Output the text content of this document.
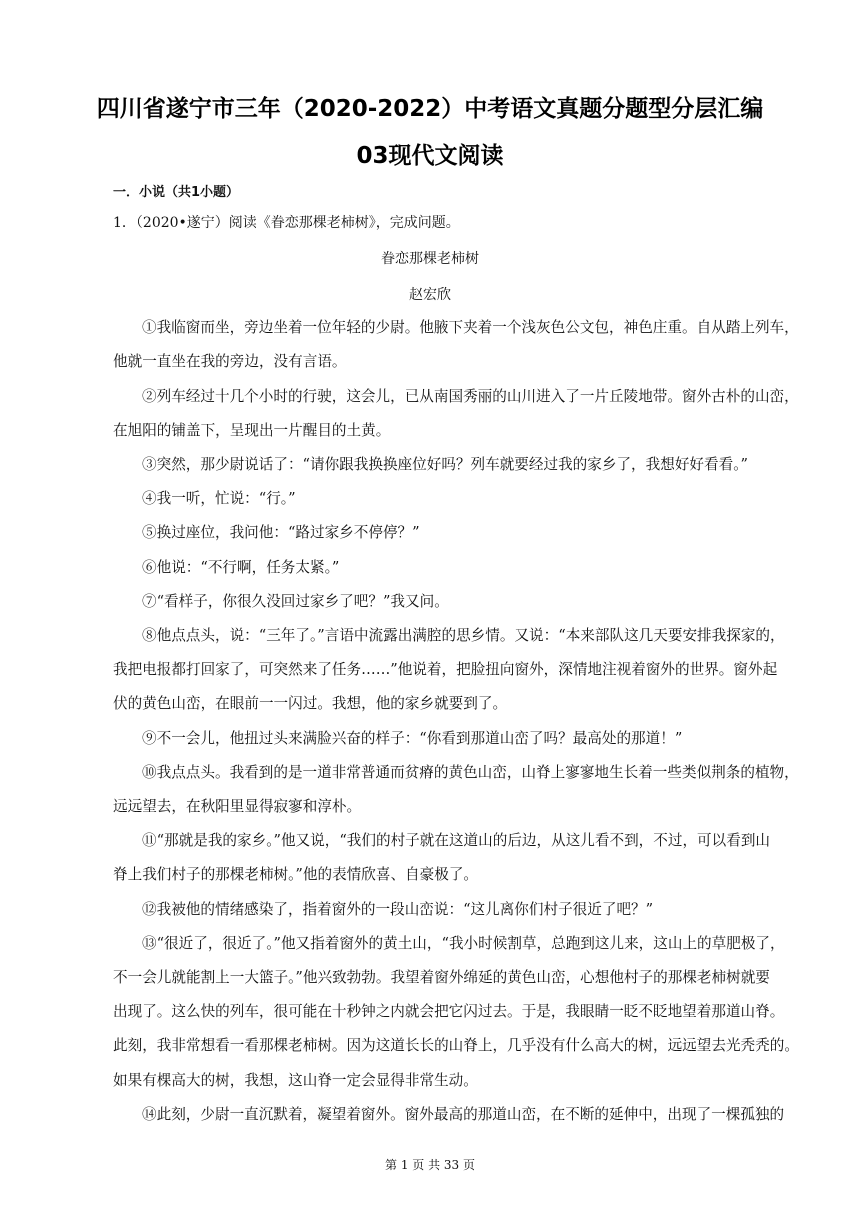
四川省遂宁市三年（2020-2022）中考语文真题分题型分层汇编
03现代文阅读
一．小说（共1小题）
1．（2020•遂宁）阅读《眷恋那棵老柿树》，完成问题。
眷恋那棵老柿树
赵宏欣
①我临窗而坐，旁边坐着一位年轻的少尉。他腋下夹着一个浅灰色公文包，神色庄重。自从踏上列车，
他就一直坐在我的旁边，没有言语。
②列车经过十几个小时的行驶，这会儿，已从南国秀丽的山川进入了一片丘陵地带。窗外古朴的山峦，
在旭阳的铺盖下，呈现出一片醒目的土黄。
③突然，那少尉说话了：“请你跟我换换座位好吗？列车就要经过我的家乡了，我想好好看看。”
④我一听，忙说：“行。”
⑤换过座位，我问他：“路过家乡不停停？”
⑥他说：“不行啊，任务太紧。”
⑦“看样子，你很久没回过家乡了吧？”我又问。
⑧他点点头，说：“三年了。”言语中流露出满腔的思乡情。又说：“本来部队这几天要安排我探家的，
我把电报都打回家了，可突然来了任务……”他说着，把脸扭向窗外，深情地注视着窗外的世界。窗外起
伏的黄色山峦，在眼前一一闪过。我想，他的家乡就要到了。
⑨不一会儿，他扭过头来满脸兴奋的样子：“你看到那道山峦了吗？最高处的那道！”
⑩我点点头。我看到的是一道非常普通而贫瘠的黄色山峦，山脊上寥寥地生长着一些类似荆条的植物，
远远望去，在秋阳里显得寂寥和淳朴。
⑪“那就是我的家乡。”他又说，“我们的村子就在这道山的后边，从这儿看不到，不过，可以看到山
脊上我们村子的那棵老柿树。”他的表情欣喜、自豪极了。
⑫我被他的情绪感染了，指着窗外的一段山峦说：“这儿离你们村子很近了吧？”
⑬“很近了，很近了。”他又指着窗外的黄土山，“我小时候割草，总跑到这儿来，这山上的草肥极了，
不一会儿就能割上一大篮子。”他兴致勃勃。我望着窗外绵延的黄色山峦，心想他村子的那棵老柿树就要
出现了。这么快的列车，很可能在十秒钟之内就会把它闪过去。于是，我眼睛一眨不眨地望着那道山脊。
此刻，我非常想看一看那棵老柿树。因为这道长长的山脊上，几乎没有什么高大的树，远远望去光秃秃的。
如果有棵高大的树，我想，这山脊一定会显得非常生动。
⑭此刻，少尉一直沉默着，凝望着窗外。窗外最高的那道山峦，在不断的延伸中，出现了一棵孤独的
第 1 页 共 33 页
